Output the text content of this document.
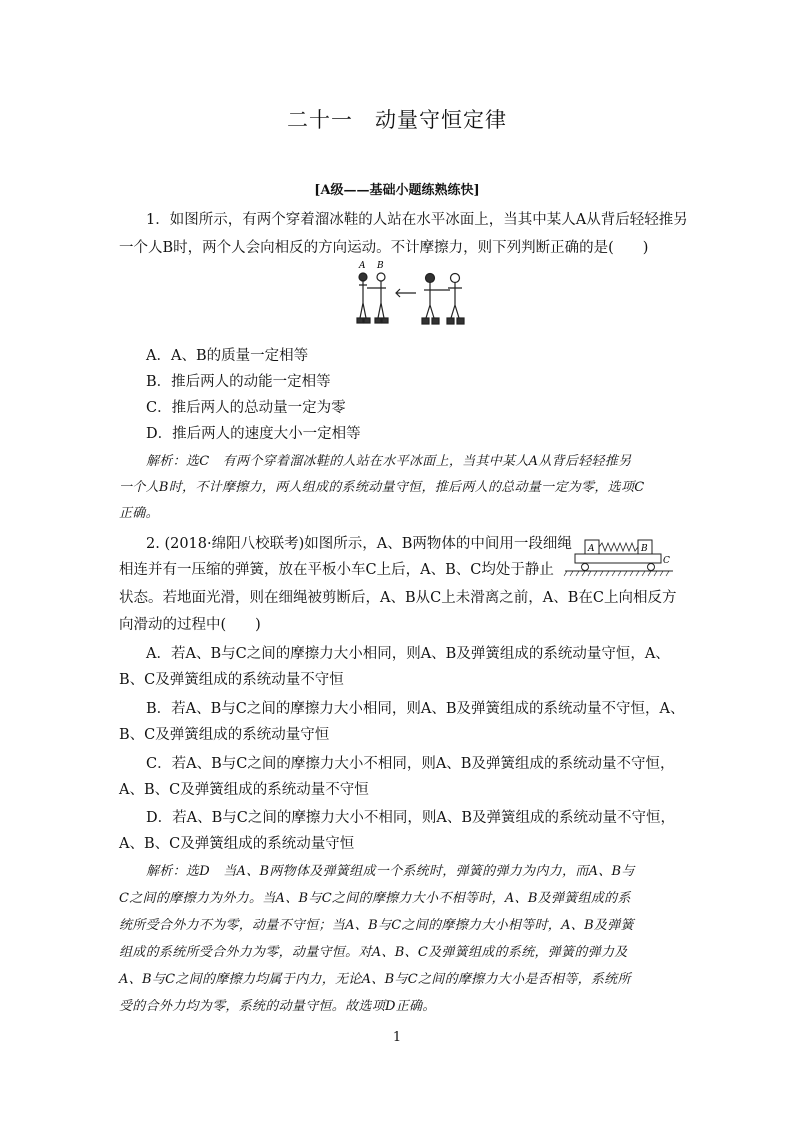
二十一　动量守恒定律
[A级——基础小题练熟练快]
1．如图所示，有两个穿着溜冰鞋的人站在水平冰面上，当其中某人A从背后轻轻推另
一个人B时，两个人会向相反的方向运动。不计摩擦力，则下列判断正确的是(　　)
A B
A．A、B的质量一定相等
B．推后两人的动能一定相等
C．推后两人的总动量一定为零
D．推后两人的速度大小一定相等
解析：选C　有两个穿着溜冰鞋的人站在水平冰面上，当其中某人A从背后轻轻推另
一个人B时，不计摩擦力，两人组成的系统动量守恒，推后两人的总动量一定为零，选项C
正确。
2. (2018·绵阳八校联考)如图所示，A、B两物体的中间用一段细绳
相连并有一压缩的弹簧，放在平板小车C上后，A、B、C均处于静止
A	B
C
状态。若地面光滑，则在细绳被剪断后，A、B从C上未滑离之前，A、B在C上向相反方
向滑动的过程中(　　)
A．若A、B与C之间的摩擦力大小相同，则A、B及弹簧组成的系统动量守恒，A、
B、C及弹簧组成的系统动量不守恒
B．若A、B与C之间的摩擦力大小相同，则A、B及弹簧组成的系统动量不守恒，A、
B、C及弹簧组成的系统动量守恒
C．若A、B与C之间的摩擦力大小不相同，则A、B及弹簧组成的系统动量不守恒，
A、B、C及弹簧组成的系统动量不守恒
D．若A、B与C之间的摩擦力大小不相同，则A、B及弹簧组成的系统动量不守恒，
A、B、C及弹簧组成的系统动量守恒
解析：选D　当A、B两物体及弹簧组成一个系统时，弹簧的弹力为内力，而A、B与
C之间的摩擦力为外力。当A、B与C之间的摩擦力大小不相等时，A、B及弹簧组成的系
统所受合外力不为零，动量不守恒；当A、B与C之间的摩擦力大小相等时，A、B及弹簧
组成的系统所受合外力为零，动量守恒。对A、B、C及弹簧组成的系统，弹簧的弹力及
A、B与C之间的摩擦力均属于内力，无论A、B与C之间的摩擦力大小是否相等，系统所
受的合外力均为零，系统的动量守恒。故选项D正确。
1
